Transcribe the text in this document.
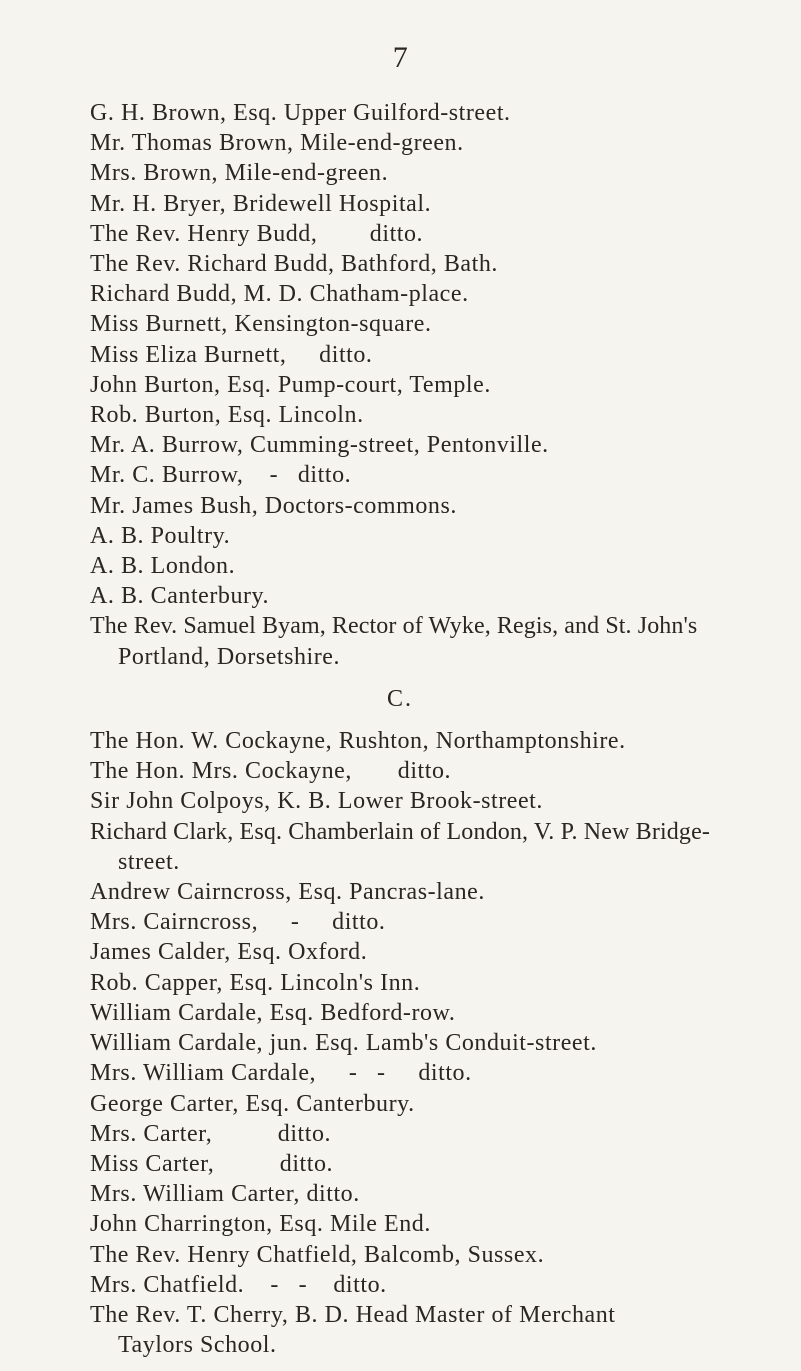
7
G. H. Brown, Esq. Upper Guilford-street.
Mr. Thomas Brown, Mile-end-green.
Mrs. Brown, Mile-end-green.
Mr. H. Bryer, Bridewell Hospital.
The Rev. Henry Budd,        ditto.
The Rev. Richard Budd, Bathford, Bath.
Richard Budd, M. D. Chatham-place.
Miss Burnett, Kensington-square.
Miss Eliza Burnett,     ditto.
John Burton, Esq. Pump-court, Temple.
Rob. Burton, Esq. Lincoln.
Mr. A. Burrow, Cumming-street, Pentonville.
Mr. C. Burrow,    -   ditto.
Mr. James Bush, Doctors-commons.
A. B. Poultry.
A. B. London.
A. B. Canterbury.
The Rev. Samuel Byam, Rector of Wyke, Regis, and St. John's
Portland, Dorsetshire.
C.
The Hon. W. Cockayne, Rushton, Northamptonshire.
The Hon. Mrs. Cockayne,       ditto.
Sir John Colpoys, K. B. Lower Brook-street.
Richard Clark, Esq. Chamberlain of London, V. P. New Bridge-
street.
Andrew Cairncross, Esq. Pancras-lane.
Mrs. Cairncross,     -     ditto.
James Calder, Esq. Oxford.
Rob. Capper, Esq. Lincoln's Inn.
William Cardale, Esq. Bedford-row.
William Cardale, jun. Esq. Lamb's Conduit-street.
Mrs. William Cardale,     -   -     ditto.
George Carter, Esq. Canterbury.
Mrs. Carter,          ditto.
Miss Carter,          ditto.
Mrs. William Carter, ditto.
John Charrington, Esq. Mile End.
The Rev. Henry Chatfield, Balcomb, Sussex.
Mrs. Chatfield.    -   -    ditto.
The Rev. T. Cherry, B. D. Head Master of Merchant
Taylors School.
